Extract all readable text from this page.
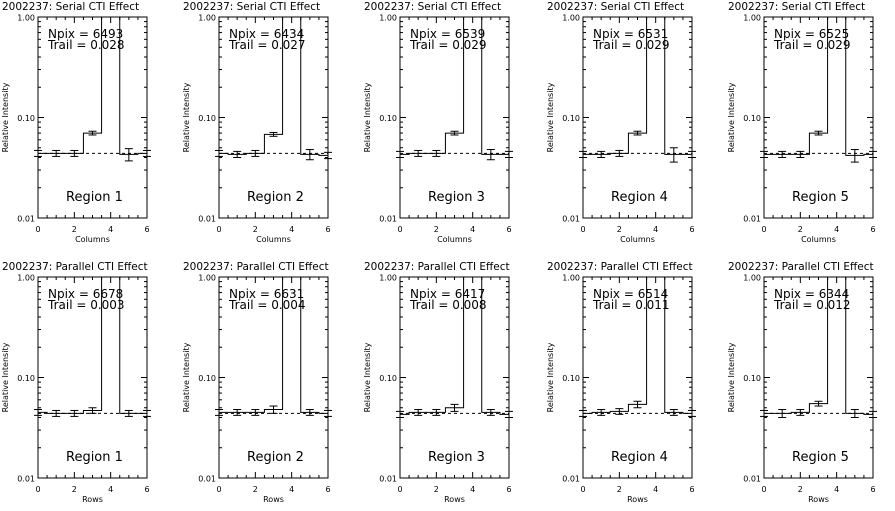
2002237: Serial CTI Effect
0.01
0.10
1.00
0	2	4	6
Columns
Relative Intensity
Npix = 6493
Trail = 0.028
Region 1
2002237: Serial CTI Effect
0.01
0.10
1.00
0	2	4	6
Columns
Relative Intensity
Npix = 6434
Trail = 0.027
Region 2
2002237: Serial CTI Effect
0.01
0.10
1.00
0	2	4	6
Columns
Relative Intensity
Npix = 6539
Trail = 0.029
Region 3
2002237: Serial CTI Effect
0.01
0.10
1.00
0	2	4	6
Columns
Relative Intensity
Npix = 6531
Trail = 0.029
Region 4
2002237: Serial CTI Effect
0.01
0.10
1.00
0	2	4	6
Columns
Relative Intensity
Npix = 6525
Trail = 0.029
Region 5
2002237: Parallel CTI Effect
0.01
0.10
1.00
0	2	4	6
Rows
Relative Intensity
Npix = 6678
Trail = 0.003
Region 1
2002237: Parallel CTI Effect
0.01
0.10
1.00
0	2	4	6
Rows
Relative Intensity
Npix = 6631
Trail = 0.004
Region 2
2002237: Parallel CTI Effect
0.01
0.10
1.00
0	2	4	6
Rows
Relative Intensity
Npix = 6417
Trail = 0.008
Region 3
2002237: Parallel CTI Effect
0.01
0.10
1.00
0	2	4	6
Rows
Relative Intensity
Npix = 6514
Trail = 0.011
Region 4
2002237: Parallel CTI Effect
0.01
0.10
1.00
0	2	4	6
Rows
Relative Intensity
Npix = 6344
Trail = 0.012
Region 5
